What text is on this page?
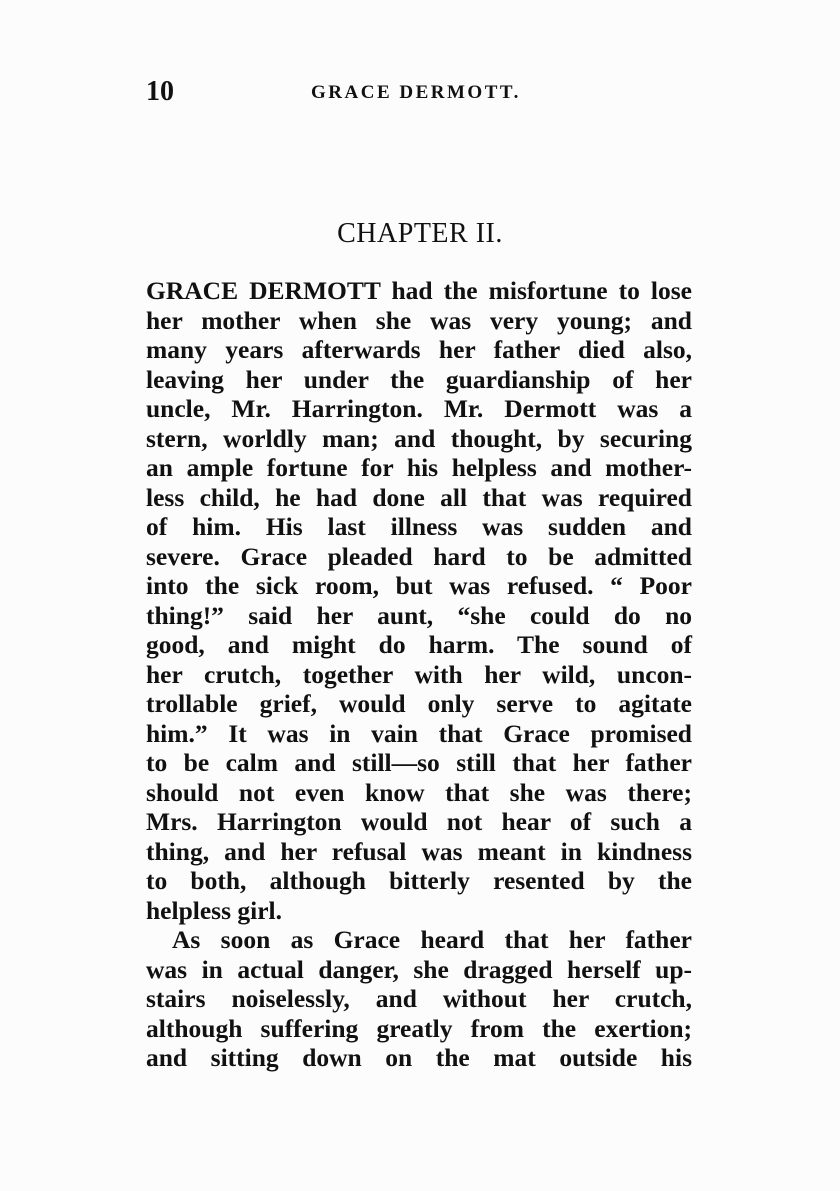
10	GRACE DERMOTT.
CHAPTER II.
GRACE DERMOTT had the misfortune to lose
her mother when she was very young; and
many years afterwards her father died also,
leaving her under the guardianship of her
uncle, Mr. Harrington. Mr. Dermott was a
stern, worldly man; and thought, by securing
an ample fortune for his helpless and mother-
less child, he had done all that was required
of him. His last illness was sudden and
severe. Grace pleaded hard to be admitted
into the sick room, but was refused. “ Poor
thing!” said her aunt, “she could do no
good, and might do harm. The sound of
her crutch, together with her wild, uncon-
trollable grief, would only serve to agitate
him.” It was in vain that Grace promised
to be calm and still—so still that her father
should not even know that she was there;
Mrs. Harrington would not hear of such a
thing, and her refusal was meant in kindness
to both, although bitterly resented by the
helpless girl.
As soon as Grace heard that her father
was in actual danger, she dragged herself up-
stairs noiselessly, and without her crutch,
although suffering greatly from the exertion;
and sitting down on the mat outside his
